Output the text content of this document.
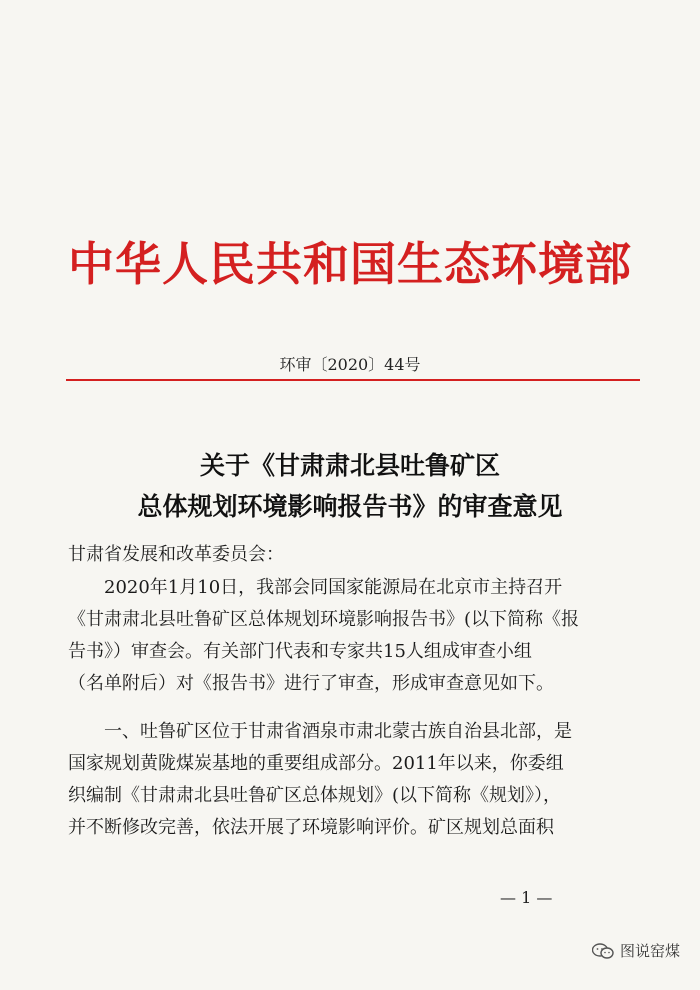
中华人民共和国生态环境部
环审〔2020〕44号
关于《甘肃肃北县吐鲁矿区
总体规划环境影响报告书》的审查意见
甘肃省发展和改革委员会：
2020年1月10日，我部会同国家能源局在北京市主持召开
《甘肃肃北县吐鲁矿区总体规划环境影响报告书》(以下简称《报
告书》）审查会。有关部门代表和专家共15人组成审查小组
（名单附后）对《报告书》进行了审查，形成审查意见如下。
一、吐鲁矿区位于甘肃省酒泉市肃北蒙古族自治县北部，是
国家规划黄陇煤炭基地的重要组成部分。2011年以来，你委组
织编制《甘肃肃北县吐鲁矿区总体规划》(以下简称《规划》），
并不断修改完善，依法开展了环境影响评价。矿区规划总面积
— 1 —
图说窑煤
